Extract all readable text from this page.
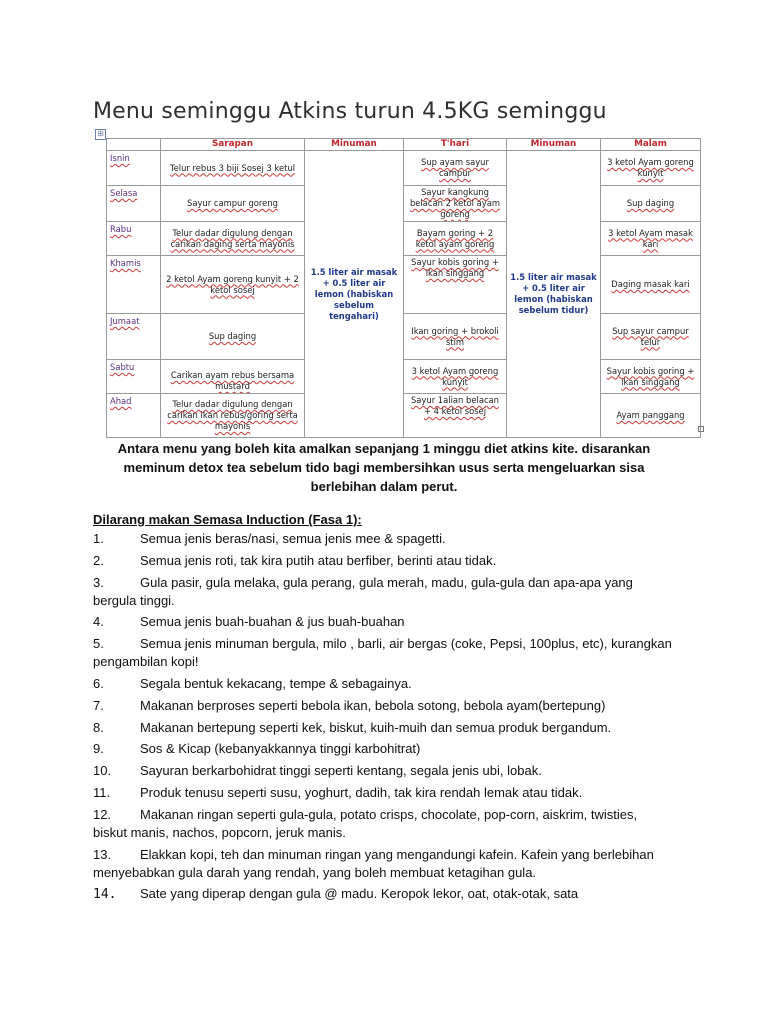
Menu seminggu Atkins turun 4.5KG seminggu
⊞
	Sarapan	Minuman	T'hari	Minuman	Malam
Isnin	Telur rebus 3 biji Sosej 3 ketul	1.5 liter air masak + 0.5 liter air lemon (habiskan sebelum tengahari)	Sup ayam sayur campur	1.5 liter air masak + 0.5 liter air lemon (habiskan sebelum tidur)	3 ketol Ayam goreng kunyit
Selasa	Sayur campur goreng		Sayur kangkung belacan 2 ketol ayam goreng		Sup daging
Rabu	Telur dadar digulung dengan carikan daging serta mayonis		Bayam goring + 2 ketol ayam goreng		3 ketol Ayam masak kari
Khamis	2 ketol Ayam goreng kunyit + 2 ketol sosej		Sayur kobis goring + ikan singgang		Daging masak kari
Jumaat	Sup daging		Ikan goring + brokoli stim		Sup sayur campur telur
Sabtu	Carikan ayam rebus bersama mustard		3 ketol Ayam goreng kunyit		Sayur kobis goring + ikan singgang
Ahad	Telur dadar digulung dengan carikan ikan rebus/goring serta mayonis		Sayur 1alian belacan + 4 ketol sosej		Ayam panggang
Antara menu yang boleh kita amalkan sepanjang 1 minggu diet atkins kite. disarankan meminum detox tea sebelum tido bagi membersihkan usus serta mengeluarkan sisa berlebihan dalam perut.
Dilarang makan Semasa Induction (Fasa 1):
1.	Semua jenis beras/nasi, semua jenis mee & spagetti.
2.	Semua jenis roti, tak kira putih atau berfiber, berinti atau tidak.
3.	Gula pasir, gula melaka, gula perang, gula merah, madu, gula-gula dan apa-apa yang bergula tinggi.
4.	Semua jenis buah-buahan & jus buah-buahan
5.	Semua jenis minuman bergula, milo , barli, air bergas (coke, Pepsi, 100plus, etc), kurangkan pengambilan kopi!
6.	Segala bentuk kekacang, tempe & sebagainya.
7.	Makanan berproses seperti bebola ikan, bebola sotong, bebola ayam(bertepung)
8.	Makanan bertepung seperti kek, biskut, kuih-muih dan semua produk bergandum.
9.	Sos & Kicap (kebanyakkannya tinggi karbohitrat)
10. Sayuran berkarbohidrat tinggi seperti kentang, segala jenis ubi, lobak.
11. Produk tenusu seperti susu, yoghurt, dadih, tak kira rendah lemak atau tidak.
12. Makanan ringan seperti gula-gula, potato crisps, chocolate, pop-corn, aiskrim, twisties, biskut manis, nachos, popcorn, jeruk manis.
13. Elakkan kopi, teh dan minuman ringan yang mengandungi kafein. Kafein yang berlebihan menyebabkan gula darah yang rendah, yang boleh membuat ketagihan gula.
14. Sate yang diperap dengan gula @ madu. Keropok lekor, oat, otak-otak, sata
